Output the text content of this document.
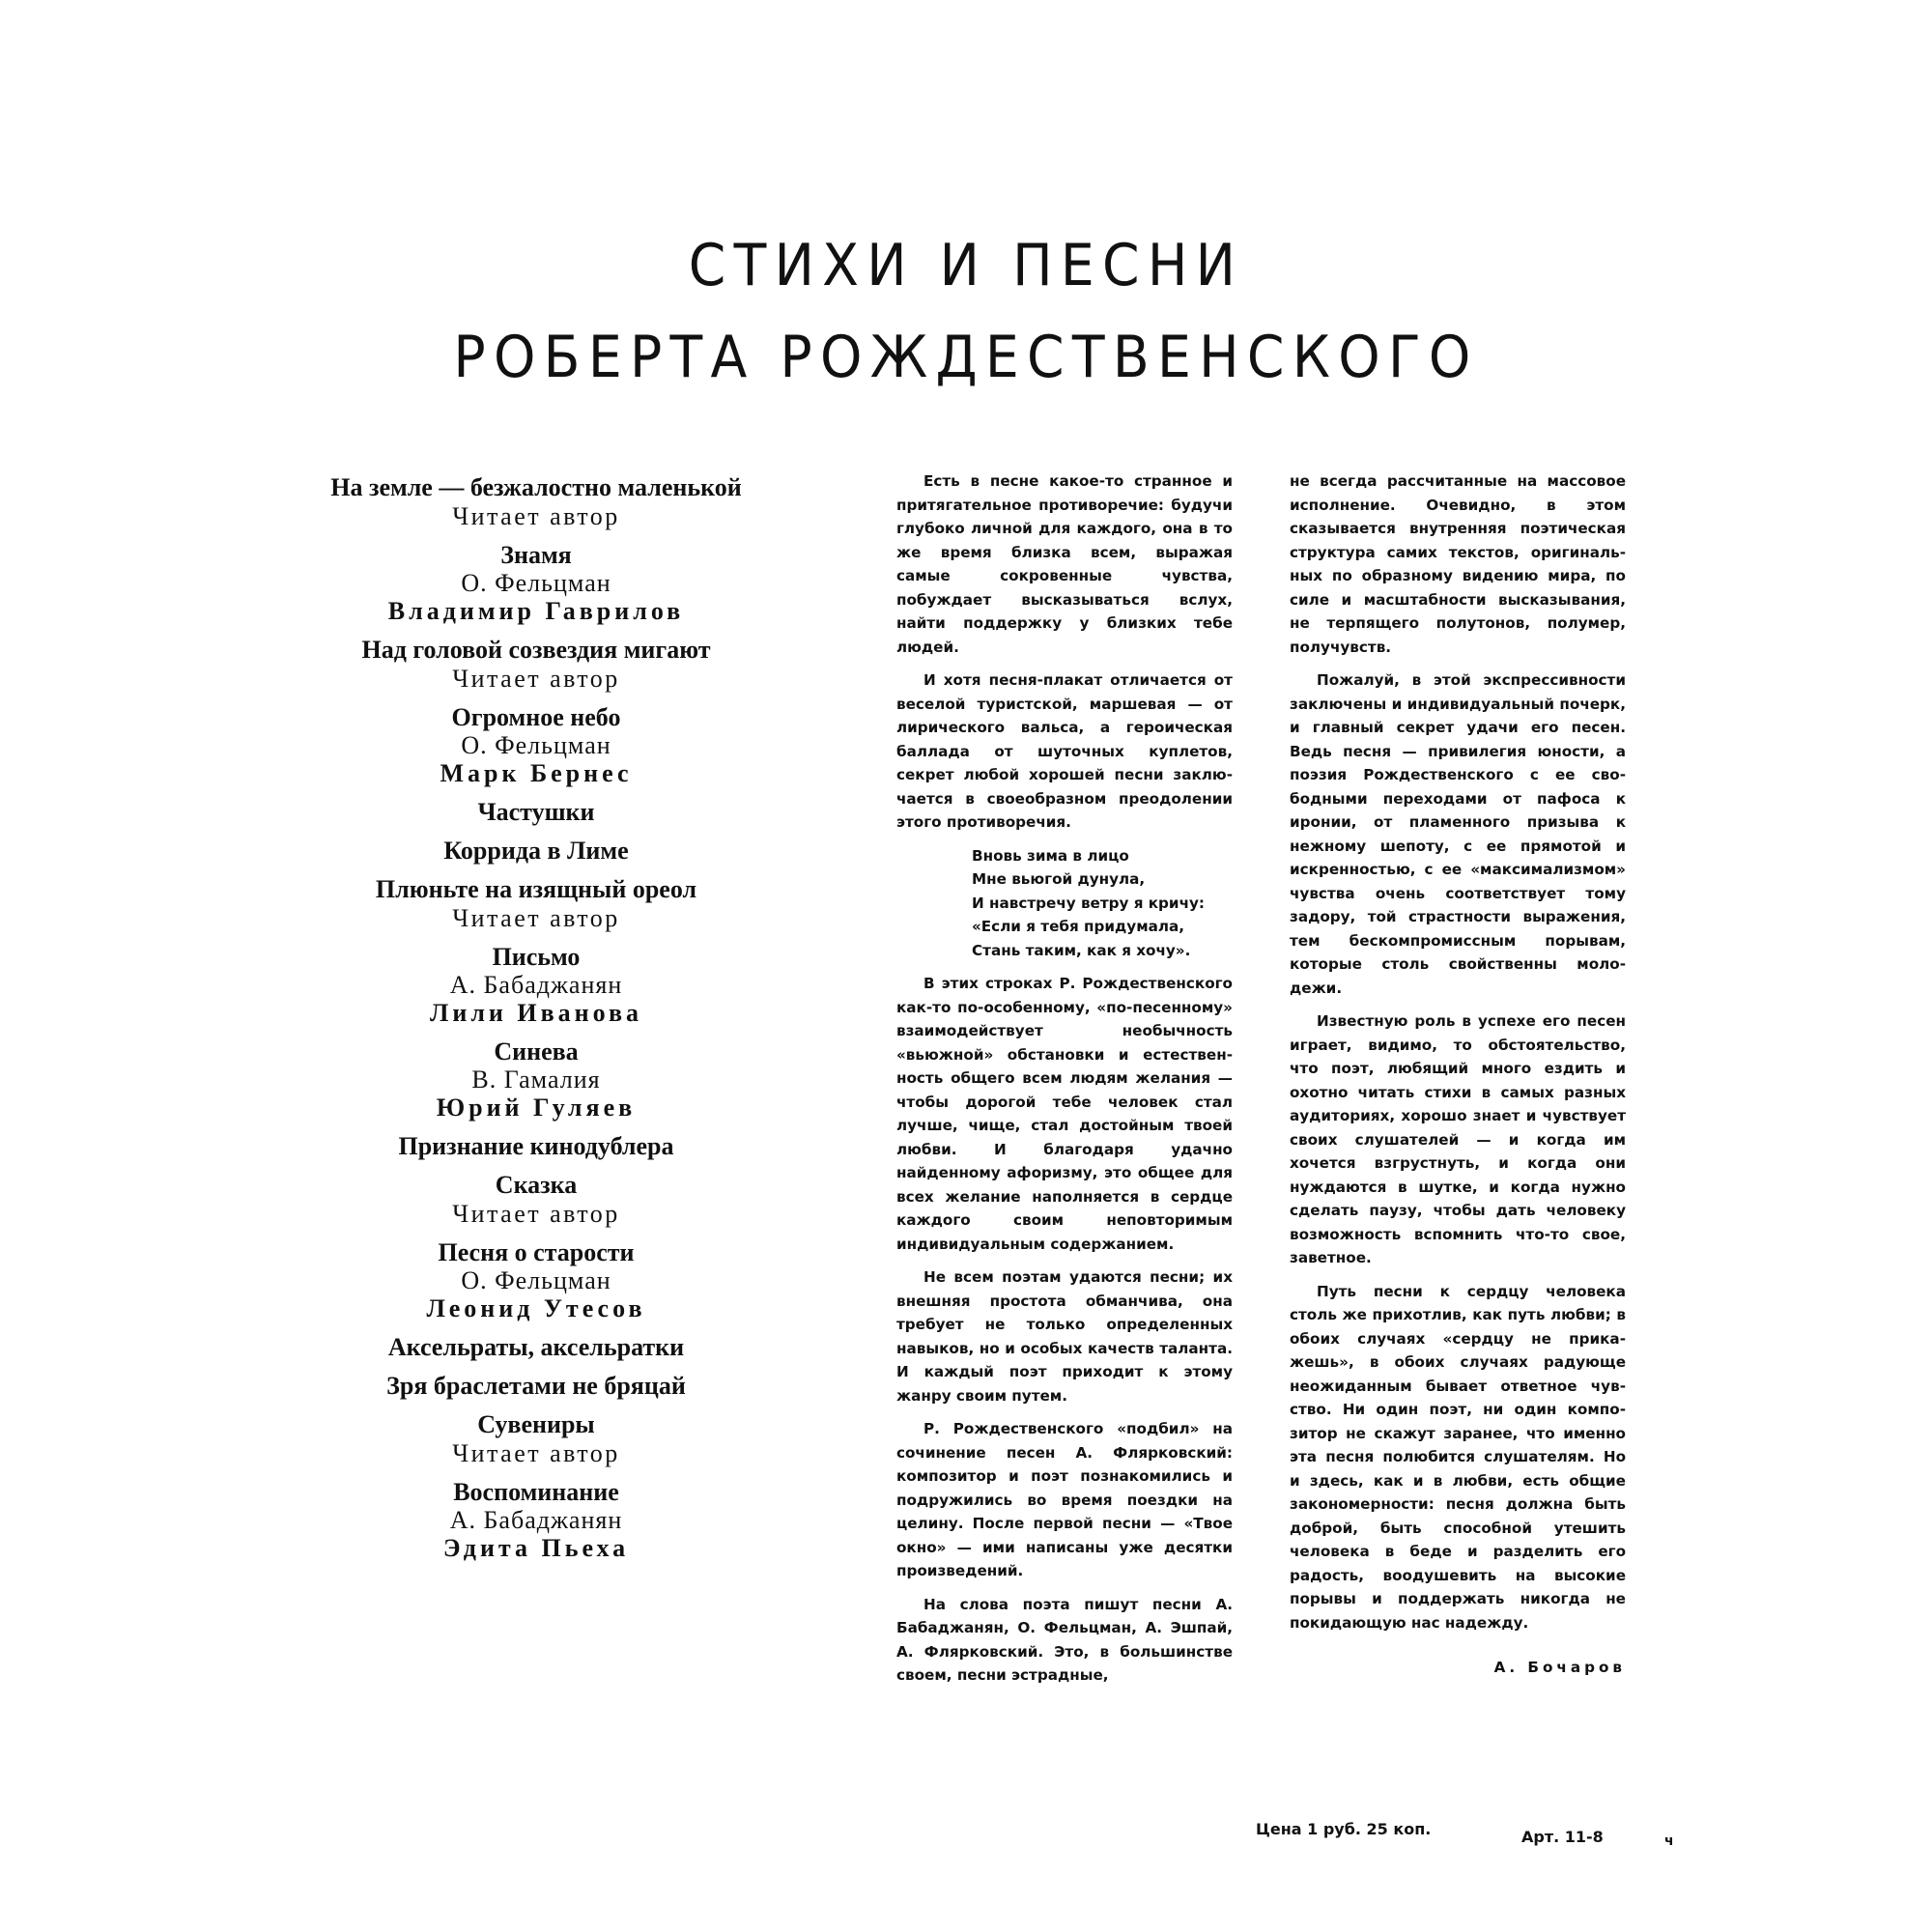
СТИХИ И ПЕСНИ
РОБЕРТА РОЖДЕСТВЕНСКОГО
На земле — безжалостно маленькой
Читает автор
Знамя
О. Фельцман
Владимир Гаврилов
Над головой созвездия мигают
Читает автор
Огромное небо
О. Фельцман
Марк Бернес
Частушки
Коррида в Лиме
Плюньте на изящный ореол
Читает автор
Письмо
А. Бабаджанян
Лили Иванова
Синева
В. Гамалия
Юрий Гуляев
Признание кинодублера
Сказка
Читает автор
Песня о старости
О. Фельцман
Леонид Утесов
Аксельраты, аксельратки
Зря браслетами не бряцай
Сувениры
Читает автор
Воспоминание
А. Бабаджанян
Эдита Пьеха

Есть в песне какое-то странное и притягательное противоречие: будучи глубоко личной для каждого, она в то же время близка всем, выражая самые сокровенные чувства, побуждает высказываться вслух, найти поддержку у близких тебе людей.

И хотя песня-плакат отличается от веселой туристской, маршевая — от лирического вальса, а героическая баллада от шуточных куплетов, секрет любой хорошей песни заключается в своеобразном преодолении этого противоречия.

Вновь зима в лицо
Мне вьюгой дунула,
И навстречу ветру я кричу:
«Если я тебя придумала,
Стань таким, как я хочу».

В этих строках Р. Рождественского как-то по-особенному, «по-песенному» взаимодействует необычность «вьюжной» обстановки и естественность общего всем людям желания — чтобы дорогой тебе человек стал лучше, чище, стал достойным твоей любви. И благодаря удачно найденному афоризму, это общее для всех желание наполняется в сердце каждого своим неповторимым индивидуальным содержанием.

Не всем поэтам удаются песни; их внешняя простота обманчива, она требует не только определенных навыков, но и особых качеств таланта. И каждый поэт приходит к этому жанру своим путем.

Р. Рождественского «подбил» на сочинение песен А. Флярковский: композитор и поэт познакомились и подружились во время поездки на целину. После первой песни — «Твое окно» — ими написаны уже десятки произведений.

На слова поэта пишут песни А. Бабаджанян, О. Фельцман, А. Эшпай, А. Флярковский. Это, в большинстве своем, песни эстрадные,

не всегда рассчитанные на массовое исполнение. Очевидно, в этом сказывается внутренняя поэтическая структура самих текстов, оригинальных по образному видению мира, по силе и масштабности высказывания, не терпящего полутонов, полумер, получувств.

Пожалуй, в этой экспрессивности заключены и индивидуальный почерк, и главный секрет удачи его песен. Ведь песня — привилегия юности, а поэзия Рождественского с ее свободными переходами от пафоса к иронии, от пламенного призыва к нежному шепоту, с ее прямотой и искренностью, с ее «максимализмом» чувства очень соответствует тому задору, той страстности выражения, тем бескомпромиссным порывам, которые столь свойственны молодежи.

Известную роль в успехе его песен играет, видимо, то обстоятельство, что поэт, любящий много ездить и охотно читать стихи в самых разных аудиториях, хорошо знает и чувствует своих слушателей — и когда им хочется взгрустнуть, и когда они нуждаются в шутке, и когда нужно сделать паузу, чтобы дать человеку возможность вспомнить что-то свое, заветное.

Путь песни к сердцу человека столь же прихотлив, как путь любви; в обоих случаях «сердцу не прикажешь», в обоих случаях радующе неожиданным бывает ответное чувство. Ни один поэт, ни один композитор не скажут заранее, что именно эта песня полюбится слушателям. Но и здесь, как и в любви, есть общие закономерности: песня должна быть доброй, быть способной утешить человека в беде и разделить его радость, воодушевить на высокие порывы и поддержать никогда не покидающую нас надежду.

А. Бочаров
Цена 1 руб. 25 коп.	Арт. 11-8	ч
